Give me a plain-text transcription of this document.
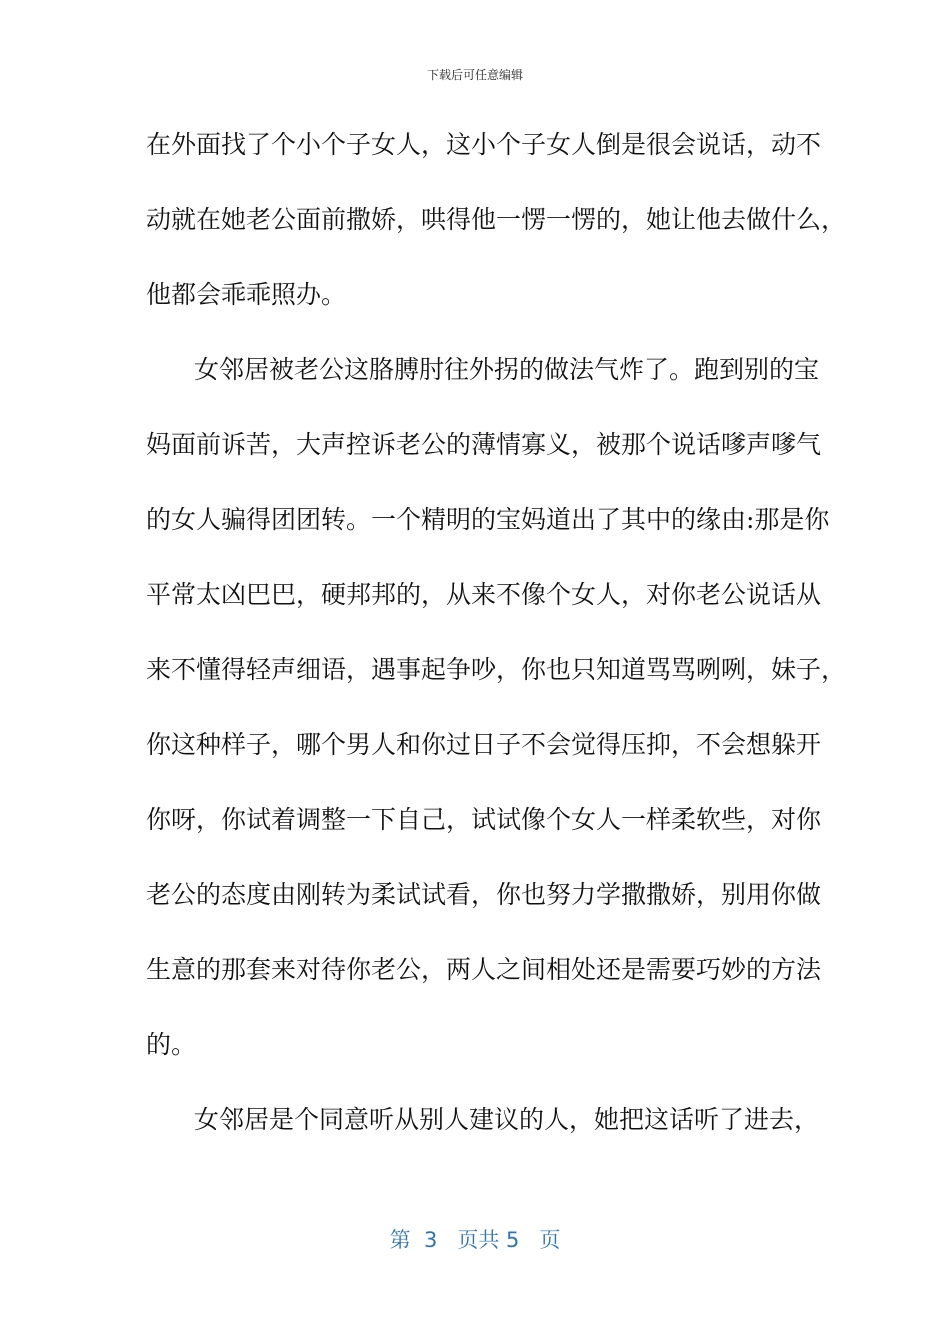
下载后可任意编辑
在外面找了个小个子女人，这小个子女人倒是很会说话，动不
动就在她老公面前撒娇，哄得他一愣一愣的，她让他去做什么，
他都会乖乖照办。
女邻居被老公这胳膊肘往外拐的做法气炸了。跑到别的宝
妈面前诉苦，大声控诉老公的薄情寡义，被那个说话嗲声嗲气
的女人骗得团团转。一个精明的宝妈道出了其中的缘由:那是你
平常太凶巴巴，硬邦邦的，从来不像个女人，对你老公说话从
来不懂得轻声细语，遇事起争吵，你也只知道骂骂咧咧，妹子，
你这种样子，哪个男人和你过日子不会觉得压抑，不会想躲开
你呀，你试着调整一下自己，试试像个女人一样柔软些，对你
老公的态度由刚转为柔试试看，你也努力学撒撒娇，别用你做
生意的那套来对待你老公，两人之间相处还是需要巧妙的方法
的。
女邻居是个同意听从别人建议的人，她把这话听了进去，
第  3   页共 5   页
